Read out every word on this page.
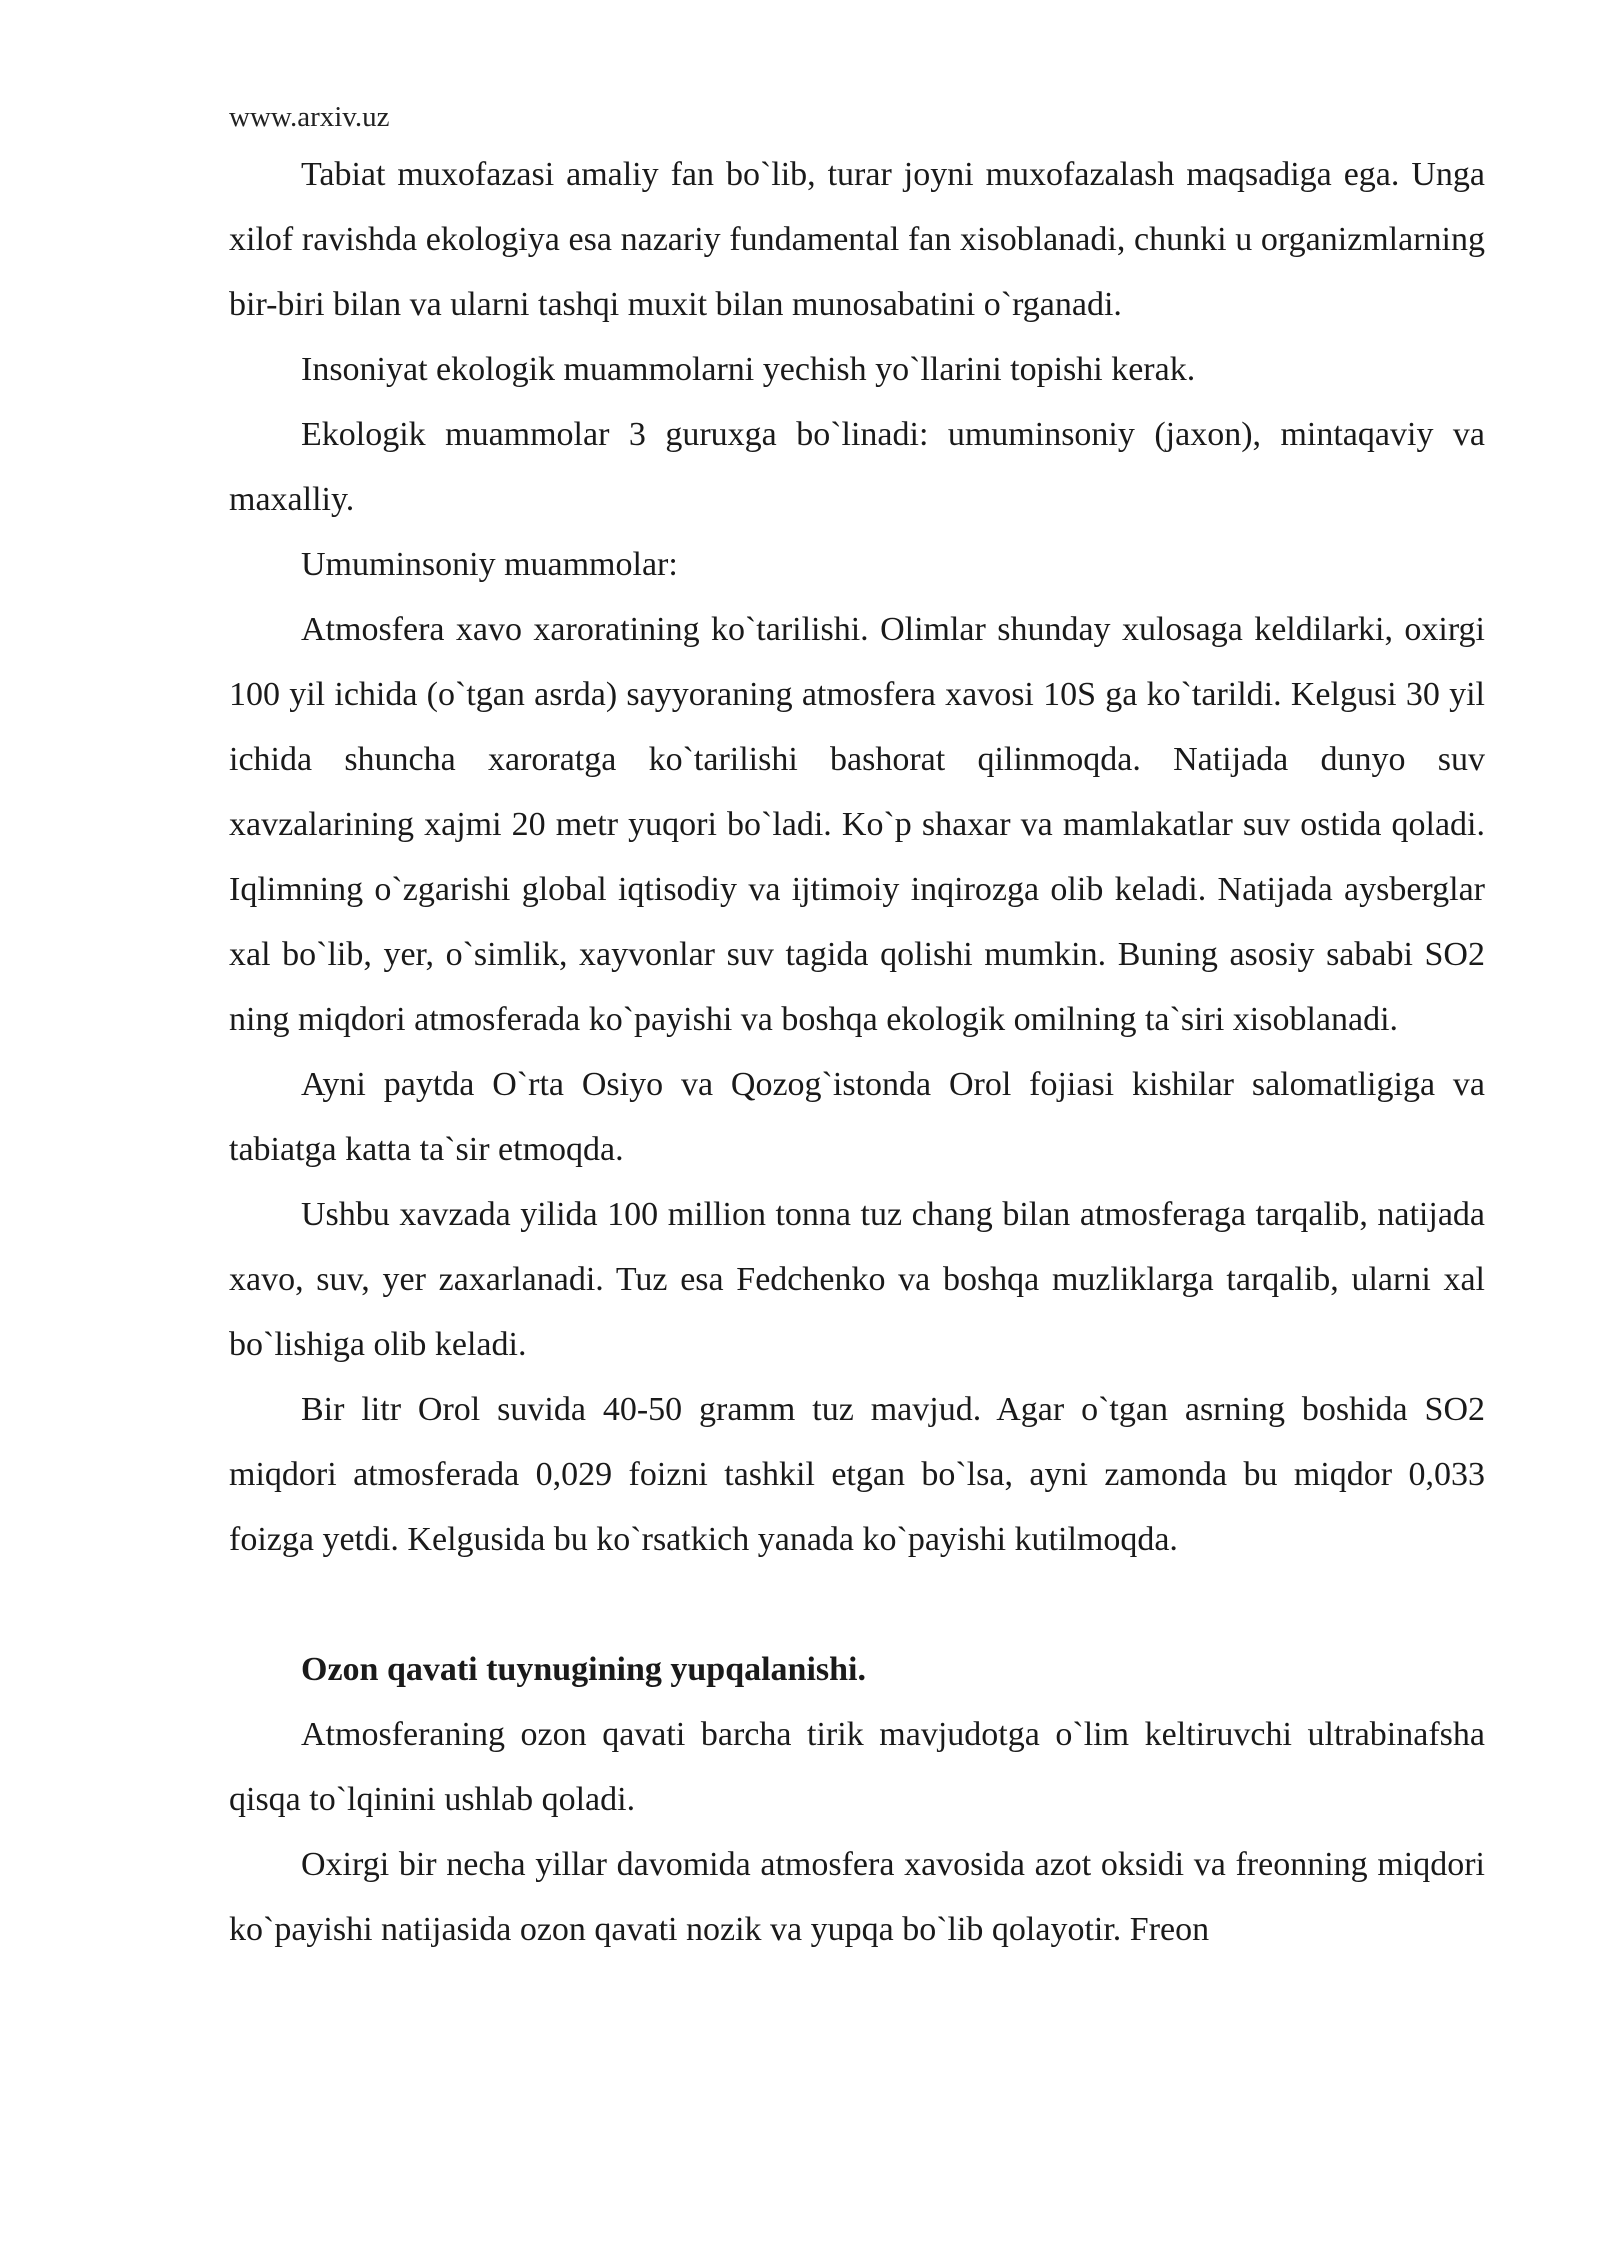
www.arxiv.uz

Tabiat muxofazasi amaliy fan bo`lib, turar joyni muxofazalash maqsadiga ega. Unga xilof ravishda ekologiya esa nazariy fundamental fan xisoblanadi, chunki u organizmlarning bir-biri bilan va ularni tashqi muxit bilan munosabatini o`rganadi.

Insoniyat ekologik muammolarni yechish yo`llarini topishi kerak.

Ekologik muammolar 3 guruxga bo`linadi: umuminsoniy (jaxon), mintaqaviy va maxalliy.

Umuminsoniy muammolar:

Atmosfera xavo xaroratining ko`tarilishi. Olimlar shunday xulosaga keldilarki, oxirgi 100 yil ichida (o`tgan asrda) sayyoraning atmosfera xavosi 10S ga ko`tarildi. Kelgusi 30 yil ichida shuncha xaroratga ko`tarilishi bashorat qilinmoqda. Natijada dunyo suv xavzalarining xajmi 20 metr yuqori bo`ladi. Ko`p shaxar va mamlakatlar suv ostida qoladi. Iqlimning o`zgarishi global iqtisodiy va ijtimoiy inqirozga olib keladi. Natijada aysberglar xal bo`lib, yer, o`simlik, xayvonlar suv tagida qolishi mumkin. Buning asosiy sababi SO2 ning miqdori atmosferada ko`payishi va boshqa ekologik omilning ta`siri xisoblanadi.

Ayni paytda O`rta Osiyo va Qozog`istonda Orol fojiasi kishilar salomatligiga va tabiatga katta ta`sir etmoqda.

Ushbu xavzada yilida 100 million tonna tuz chang bilan atmosferaga tarqalib, natijada xavo, suv, yer zaxarlanadi. Tuz esa Fedchenko va boshqa muzliklarga tarqalib, ularni xal bo`lishiga olib keladi.

Bir litr Orol suvida 40-50 gramm tuz mavjud. Agar o`tgan asrning boshida SO2 miqdori atmosferada 0,029 foizni tashkil etgan bo`lsa, ayni zamonda bu miqdor 0,033 foizga yetdi. Kelgusida bu ko`rsatkich yanada ko`payishi kutilmoqda.

Ozon qavati tuynugining yupqalanishi.

Atmosferaning ozon qavati barcha tirik mavjudotga o`lim keltiruvchi ultrabinafsha qisqa to`lqinini ushlab qoladi.

Oxirgi bir necha yillar davomida atmosfera xavosida azot oksidi va freonning miqdori ko`payishi natijasida ozon qavati nozik va yupqa bo`lib qolayotir. Freon
